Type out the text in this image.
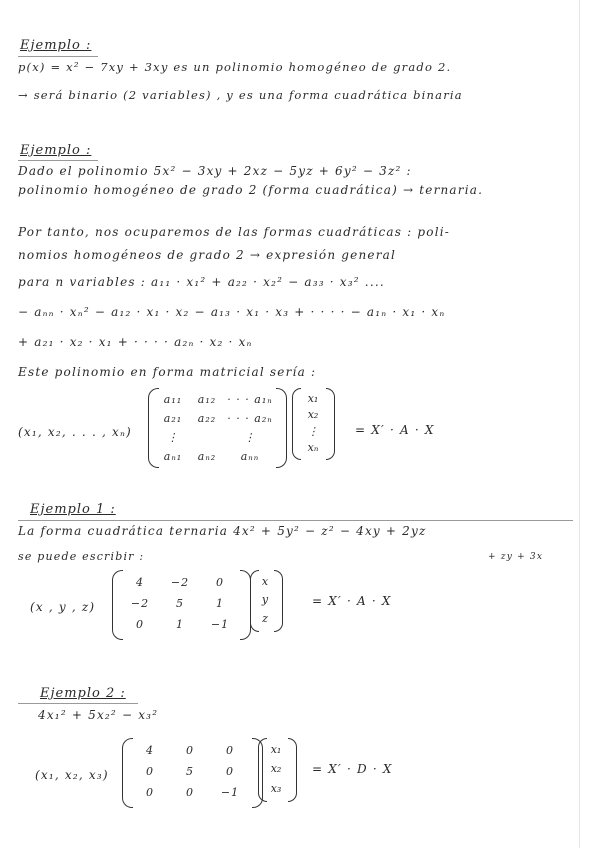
Ejemplo :
p(x) = x² − 7xy + 3xy es un polinomio homogéneo de grado 2.
→ será binario (2 variables) , y es una forma cuadrática binaria
Ejemplo :
Dado el polinomio 5x² − 3xy + 2xz − 5yz + 6y² − 3z² :
polinomio homogéneo de grado 2 (forma cuadrática) → ternaria.
Por tanto, nos ocuparemos de las formas cuadráticas : poli-
nomios homogéneos de grado 2 → expresión general
para n variables : a₁₁ · x₁² + a₂₂ · x₂² − a₃₃ · x₃² ....
− aₙₙ · xₙ² − a₁₂ · x₁ · x₂ − a₁₃ · x₁ · x₃ + · · · · − a₁ₙ · x₁ · xₙ
+ a₂₁ · x₂ · x₁ + · · · · a₂ₙ · x₂ · xₙ
Este polinomio en forma matricial sería :
(x₁, x₂, . . . , xₙ)
a₁₁	a₁₂	· · · a₁ₙ
a₂₁	a₂₂	· · · a₂ₙ
⋮	⋮
aₙ₁	aₙ₂	aₙₙ
x₁
x₂
⋮
xₙ
= X′ · A · X
Ejemplo 1 :
La forma cuadrática ternaria 4x² + 5y² − z² − 4xy + 2yz
+ zy + 3x
se puede escribir :
(x , y , z)
4	−2	0
−2	5	1
0	1	−1
x
y
z
= X′ · A · X
Ejemplo 2 :
4x₁² + 5x₂² − x₃²
(x₁, x₂, x₃)
4	0	0
0	5	0
0	0	−1
x₁
x₂
x₃
= X′ · D · X
